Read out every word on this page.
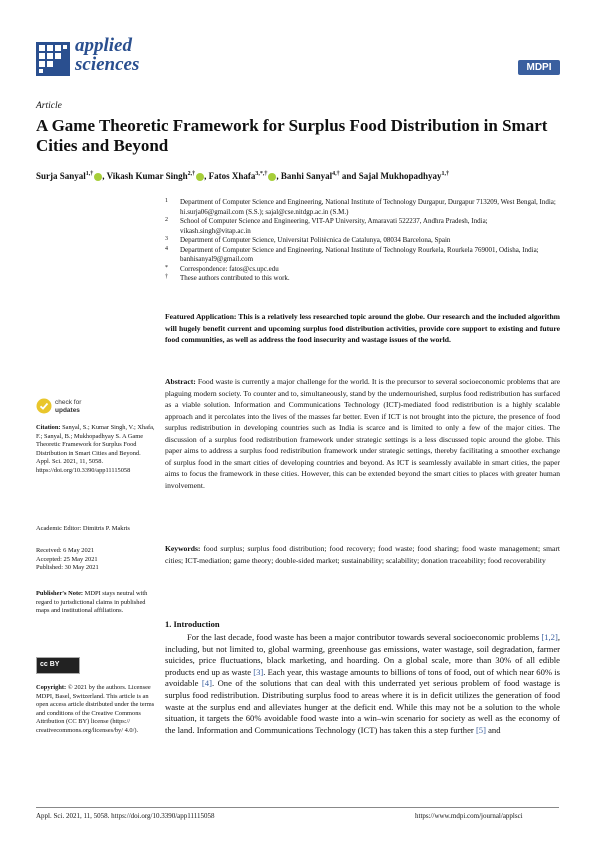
applied
sciences	MDPI
Article
A Game Theoretic Framework for Surplus Food Distribution in Smart Cities and Beyond
Surja Sanyal$^{1,\dagger}$ , Vikash Kumar Singh$^{2,\dagger}$ , Fatos Xhafa$^{3,*,\dagger}$ , Banhi Sanyal$^{4,\dagger}$ and Sajal Mukhopadhyay$^{1,\dagger}$
1 Department of Computer Science and Engineering, National Institute of Technology Durgapur, Durgapur 713209, West Bengal, India; hi.surja06@gmail.com (S.S.); sajal@cse.nitdgp.ac.in (S.M.)
2 School of Computer Science and Engineering, VIT-AP University, Amaravati 522237, Andhra Pradesh, India; vikash.singh@vitap.ac.in
3 Department of Computer Science, Universitat Politècnica de Catalunya, 08034 Barcelona, Spain
4 Department of Computer Science and Engineering, National Institute of Technology Rourkela, Rourkela 769001, Odisha, India; banhisanyal9@gmail.com
* Correspondence: fatos@cs.upc.edu
† These authors contributed to this work.
Featured Application: This is a relatively less researched topic around the globe. Our research and the included algorithm will hugely benefit current and upcoming surplus food distribution activities, provide core support to existing and future food communities, as well as address the food insecurity and wastage issues of the world.
Abstract: Food waste is currently a major challenge for the world. It is the precursor to several socioeconomic problems that are plaguing modern society. To counter and to, simultaneously, stand by the undernourished, surplus food redistribution has surfaced as a viable solution. Information and Communications Technology (ICT)-mediated food redistribution is a highly scalable approach and it percolates into the lives of the masses far better. Even if ICT is not brought into the picture, the presence of food surplus redistribution in developing countries such as India is scarce and is limited to only a few of the major cities. The discussion of a surplus food redistribution framework under strategic settings is a less discussed topic around the globe. This paper aims to address a surplus food redistribution framework under strategic settings, thereby facilitating a smoother exchange of surplus food in the smart cities of developing countries and beyond. As ICT is seamlessly available in smart cities, the paper aims to focus the framework in these cities. However, this can be extended beyond the smart cities to places with greater human involvement.
Keywords: food surplus; surplus food distribution; food recovery; food waste; food sharing; food waste management; smart cities; ICT-mediation; game theory; double-sided market; sustainability; scalability; donation traceability; food recoverability
check for
updates
Citation: Sanyal, S.; Kumar Singh, V.; Xhafa, F.; Sanyal, B.; Mukhopadhyay S. A Game Theoretic Framework for Surplus Food Distribution in Smart Cities and Beyond. Appl. Sci. 2021, 11, 5058. https://doi.org/10.3390/app11115058
Academic Editor: Dimitris P. Makris
Received: 6 May 2021
Accepted: 25 May 2021
Published: 30 May 2021
Publisher's Note: MDPI stays neutral with regard to jurisdictional claims in published maps and institutional affiliations.
cc BY
Copyright: © 2021 by the authors. Licensee MDPI, Basel, Switzerland. This article is an open access article distributed under the terms and conditions of the Creative Commons Attribution (CC BY) license (https:// creativecommons.org/licenses/by/ 4.0/).
1. Introduction
For the last decade, food waste has been a major contributor towards several socioeconomic problems [1,2], including, but not limited to, global warming, greenhouse gas emissions, water wastage, soil degradation, farmer suicides, price fluctuations, black marketing, and hoarding. On a global scale, more than 30% of all edible products end up as waste [3]. Each year, this wastage amounts to billions of tons of food, out of which near 60% is avoidable [4]. One of the solutions that can deal with this underrated yet serious problem of food wastage is surplus food redistribution. Distributing surplus food to areas where it is in deficit utilizes the generation of food waste at the surplus end and alleviates hunger at the deficit end. While this may not be a solution to the whole situation, it targets the 60% avoidable food waste into a win–win scenario for society as well as the economy of the land. Information and Communications Technology (ICT) has taken this a step further [5] and
Appl. Sci. 2021, 11, 5058. https://doi.org/10.3390/app11115058	https://www.mdpi.com/journal/applsci
